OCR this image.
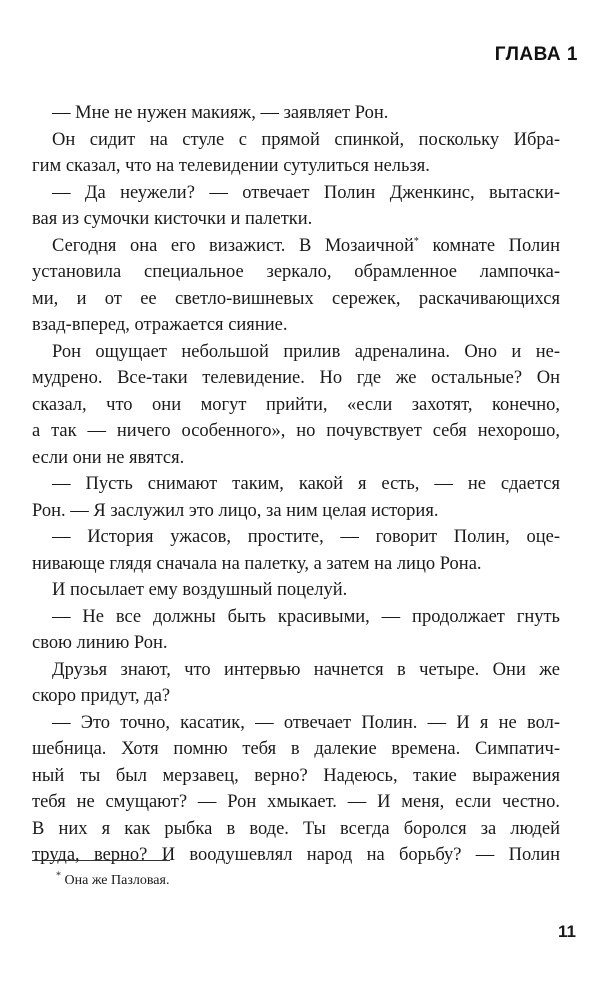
ГЛАВА 1
— Мне не нужен макияж, — заявляет Рон.
Он сидит на стуле с прямой спинкой, поскольку Ибра-
гим сказал, что на телевидении сутулиться нельзя.
— Да неужели? — отвечает Полин Дженкинс, вытаски-
вая из сумочки кисточки и палетки.
Сегодня она его визажист. В Мозаичной* комнате Полин
установила специальное зеркало, обрамленное лампочка-
ми, и от ее светло-вишневых сережек, раскачивающихся
взад-вперед, отражается сияние.
Рон ощущает небольшой прилив адреналина. Оно и не-
мудрено. Все-таки телевидение. Но где же остальные? Он
сказал, что они могут прийти, «если захотят, конечно,
а так — ничего особенного», но почувствует себя нехорошо,
если они не явятся.
— Пусть снимают таким, какой я есть, — не сдается
Рон. — Я заслужил это лицо, за ним целая история.
— История ужасов, простите, — говорит Полин, оце-
нивающе глядя сначала на палетку, а затем на лицо Рона.
И посылает ему воздушный поцелуй.
— Не все должны быть красивыми, — продолжает гнуть
свою линию Рон.
Друзья знают, что интервью начнется в четыре. Они же
скоро придут, да?
— Это точно, касатик, — отвечает Полин. — И я не вол-
шебница. Хотя помню тебя в далекие времена. Симпатич-
ный ты был мерзавец, верно? Надеюсь, такие выражения
тебя не смущают? — Рон хмыкает. — И меня, если честно.
В них я как рыбка в воде. Ты всегда боролся за людей
труда, верно? И воодушевлял народ на борьбу? — Полин
* Она же Пазловая.
11
